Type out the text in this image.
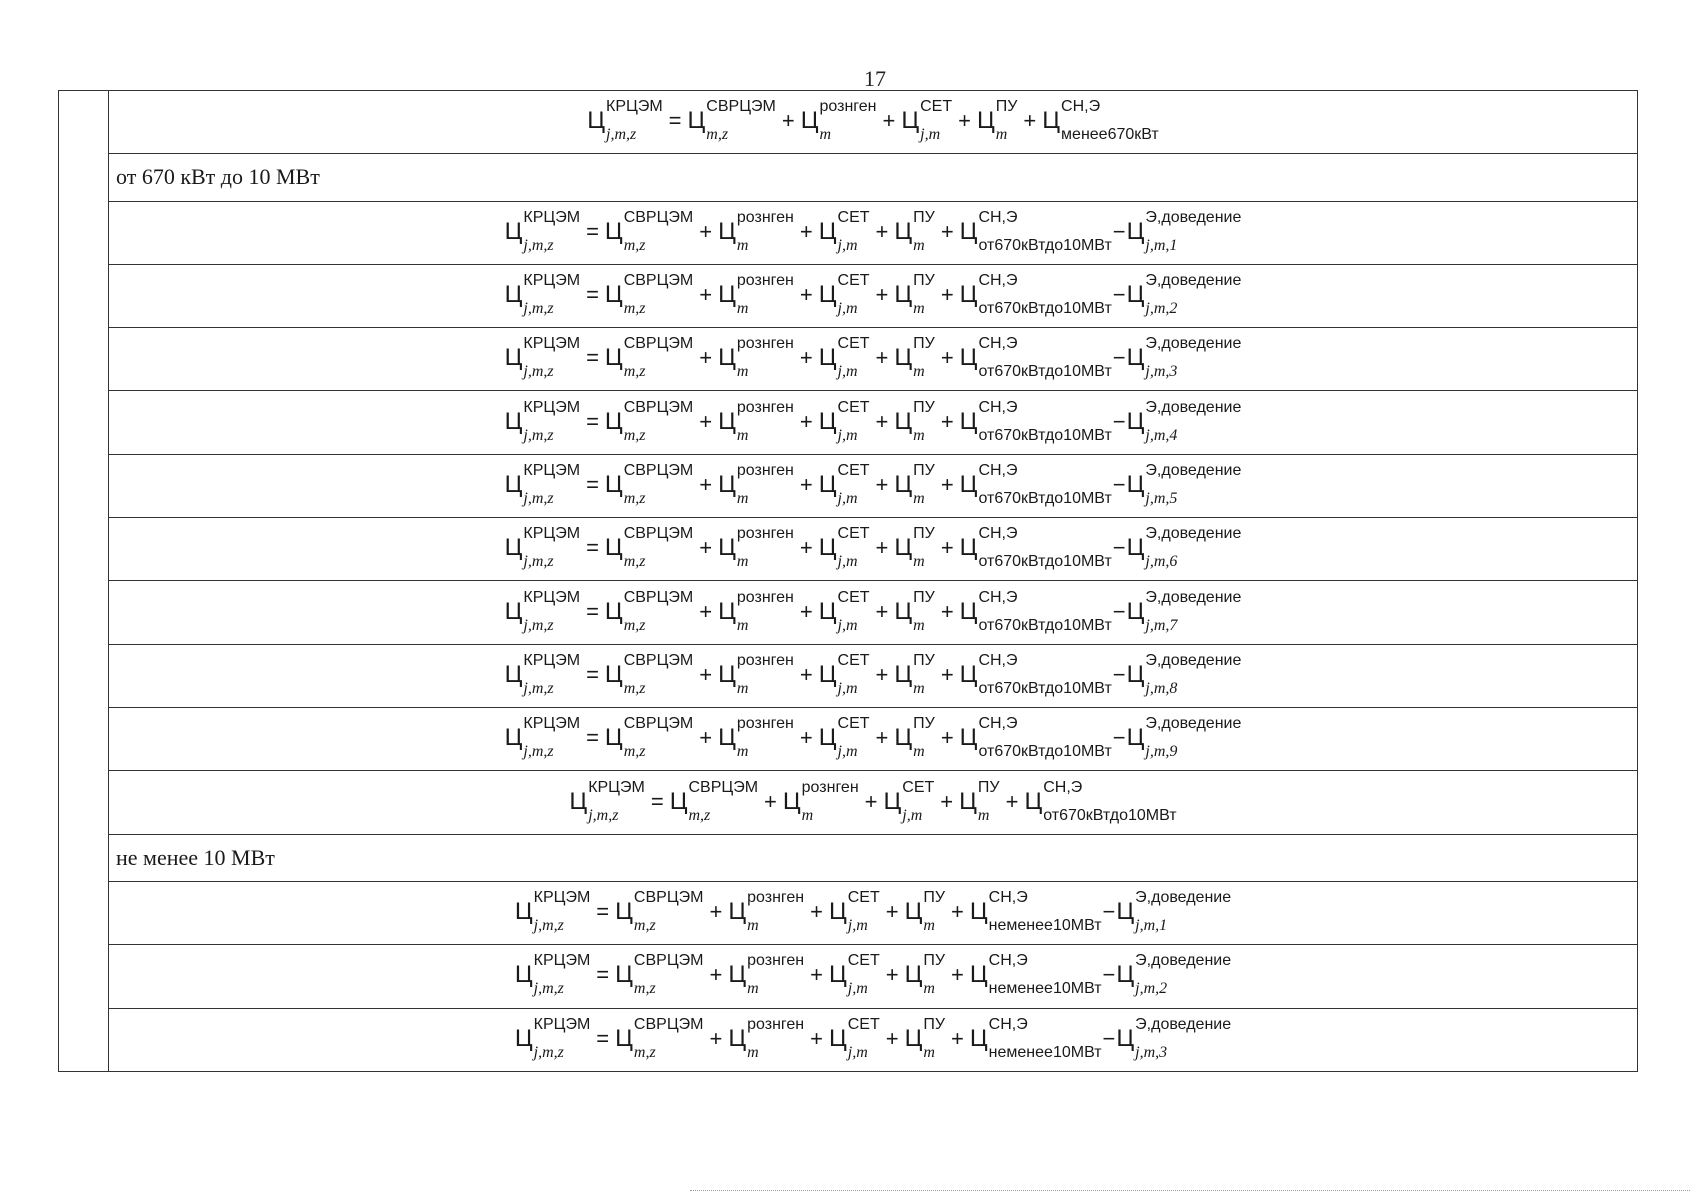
17
Ц
КРЦЭМ
j,m,z
= Ц
СВРЦЭМ
m,z
+ Ц
рознген
m
+ Ц
СЕТ
j,m
+ Ц
ПУ
m
+ Ц
СН,Э
менее670кВт

от 670 кВт до 10 МВт
Ц
КРЦЭМ
j,m,z
= Ц
СВРЦЭМ
m,z
+ Ц
рознген
m
+ Ц
СЕТ
j,m
+ Ц
ПУ
m
+ Ц
СН,Э
от670кВтдо10МВт
−Ц
Э,доведение
j,m,1

Ц
КРЦЭМ
j,m,z
= Ц
СВРЦЭМ
m,z
+ Ц
рознген
m
+ Ц
СЕТ
j,m
+ Ц
ПУ
m
+ Ц
СН,Э
от670кВтдо10МВт
−Ц
Э,доведение
j,m,2

Ц
КРЦЭМ
j,m,z
= Ц
СВРЦЭМ
m,z
+ Ц
рознген
m
+ Ц
СЕТ
j,m
+ Ц
ПУ
m
+ Ц
СН,Э
от670кВтдо10МВт
−Ц
Э,доведение
j,m,3

Ц
КРЦЭМ
j,m,z
= Ц
СВРЦЭМ
m,z
+ Ц
рознген
m
+ Ц
СЕТ
j,m
+ Ц
ПУ
m
+ Ц
СН,Э
от670кВтдо10МВт
−Ц
Э,доведение
j,m,4

Ц
КРЦЭМ
j,m,z
= Ц
СВРЦЭМ
m,z
+ Ц
рознген
m
+ Ц
СЕТ
j,m
+ Ц
ПУ
m
+ Ц
СН,Э
от670кВтдо10МВт
−Ц
Э,доведение
j,m,5

Ц
КРЦЭМ
j,m,z
= Ц
СВРЦЭМ
m,z
+ Ц
рознген
m
+ Ц
СЕТ
j,m
+ Ц
ПУ
m
+ Ц
СН,Э
от670кВтдо10МВт
−Ц
Э,доведение
j,m,6

Ц
КРЦЭМ
j,m,z
= Ц
СВРЦЭМ
m,z
+ Ц
рознген
m
+ Ц
СЕТ
j,m
+ Ц
ПУ
m
+ Ц
СН,Э
от670кВтдо10МВт
−Ц
Э,доведение
j,m,7

Ц
КРЦЭМ
j,m,z
= Ц
СВРЦЭМ
m,z
+ Ц
рознген
m
+ Ц
СЕТ
j,m
+ Ц
ПУ
m
+ Ц
СН,Э
от670кВтдо10МВт
−Ц
Э,доведение
j,m,8

Ц
КРЦЭМ
j,m,z
= Ц
СВРЦЭМ
m,z
+ Ц
рознген
m
+ Ц
СЕТ
j,m
+ Ц
ПУ
m
+ Ц
СН,Э
от670кВтдо10МВт
−Ц
Э,доведение
j,m,9

Ц
КРЦЭМ
j,m,z
= Ц
СВРЦЭМ
m,z
+ Ц
рознген
m
+ Ц
СЕТ
j,m
+ Ц
ПУ
m
+ Ц
СН,Э
от670кВтдо10МВт

не менее 10 МВт
Ц
КРЦЭМ
j,m,z
= Ц
СВРЦЭМ
m,z
+ Ц
рознген
m
+ Ц
СЕТ
j,m
+ Ц
ПУ
m
+ Ц
СН,Э
неменее10МВт
−Ц
Э,доведение
j,m,1

Ц
КРЦЭМ
j,m,z
= Ц
СВРЦЭМ
m,z
+ Ц
рознген
m
+ Ц
СЕТ
j,m
+ Ц
ПУ
m
+ Ц
СН,Э
неменее10МВт
−Ц
Э,доведение
j,m,2

Ц
КРЦЭМ
j,m,z
= Ц
СВРЦЭМ
m,z
+ Ц
рознген
m
+ Ц
СЕТ
j,m
+ Ц
ПУ
m
+ Ц
СН,Э
неменее10МВт
−Ц
Э,доведение
j,m,3
